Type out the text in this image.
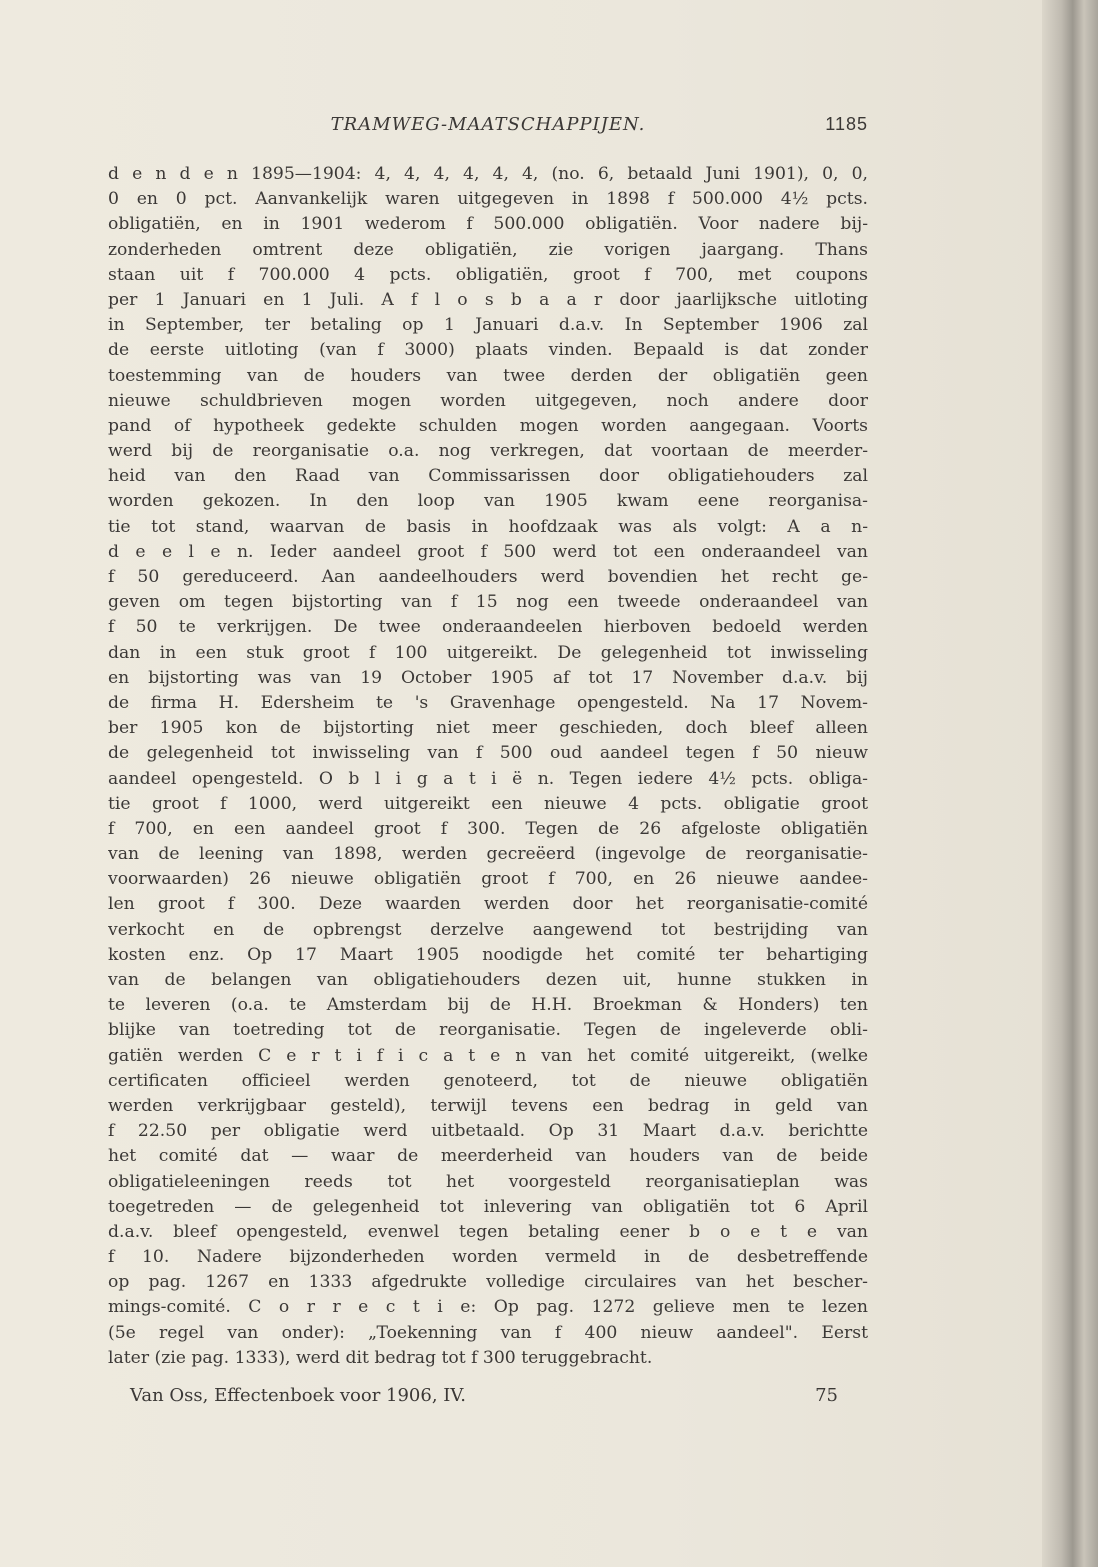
TRAMWEG-MAATSCHAPPIJEN.	1185
d e n d e n 1895—1904: 4, 4, 4, 4, 4, 4, (no. 6, betaald Juni 1901), 0, 0,
0 en 0 pct. Aanvankelijk waren uitgegeven in 1898 f 500.000 4½ pcts.
obligatiën, en in 1901 wederom f 500.000 obligatiën. Voor nadere bij-
zonderheden omtrent deze obligatiën, zie vorigen jaargang. Thans
staan uit f 700.000 4 pcts. obligatiën, groot f 700, met coupons
per 1 Januari en 1 Juli. A f l o s b a a r door jaarlijksche uitloting
in September, ter betaling op 1 Januari d.a.v. In September 1906 zal
de eerste uitloting (van f 3000) plaats vinden. Bepaald is dat zonder
toestemming van de houders van twee derden der obligatiën geen
nieuwe schuldbrieven mogen worden uitgegeven, noch andere door
pand of hypotheek gedekte schulden mogen worden aangegaan. Voorts
werd bij de reorganisatie o.a. nog verkregen, dat voortaan de meerder-
heid van den Raad van Commissarissen door obligatiehouders zal
worden gekozen. In den loop van 1905 kwam eene reorganisa-
tie tot stand, waarvan de basis in hoofdzaak was als volgt: A a n-
d e e l e n. Ieder aandeel groot f 500 werd tot een onderaandeel van
f 50 gereduceerd. Aan aandeelhouders werd bovendien het recht ge-
geven om tegen bijstorting van f 15 nog een tweede onderaandeel van
f 50 te verkrijgen. De twee onderaandeelen hierboven bedoeld werden
dan in een stuk groot f 100 uitgereikt. De gelegenheid tot inwisseling
en bijstorting was van 19 October 1905 af tot 17 November d.a.v. bij
de firma H. Edersheim te 's Gravenhage opengesteld. Na 17 Novem-
ber 1905 kon de bijstorting niet meer geschieden, doch bleef alleen
de gelegenheid tot inwisseling van f 500 oud aandeel tegen f 50 nieuw
aandeel opengesteld. O b l i g a t i ë n. Tegen iedere 4½ pcts. obliga-
tie groot f 1000, werd uitgereikt een nieuwe 4 pcts. obligatie groot
f 700, en een aandeel groot f 300. Tegen de 26 afgeloste obligatiën
van de leening van 1898, werden gecreëerd (ingevolge de reorganisatie-
voorwaarden) 26 nieuwe obligatiën groot f 700, en 26 nieuwe aandee-
len groot f 300. Deze waarden werden door het reorganisatie-comité
verkocht en de opbrengst derzelve aangewend tot bestrijding van
kosten enz. Op 17 Maart 1905 noodigde het comité ter behartiging
van de belangen van obligatiehouders dezen uit, hunne stukken in
te leveren (o.a. te Amsterdam bij de H.H. Broekman & Honders) ten
blijke van toetreding tot de reorganisatie. Tegen de ingeleverde obli-
gatiën werden C e r t i f i c a t e n van het comité uitgereikt, (welke
certificaten officieel werden genoteerd, tot de nieuwe obligatiën
werden verkrijgbaar gesteld), terwijl tevens een bedrag in geld van
f 22.50 per obligatie werd uitbetaald. Op 31 Maart d.a.v. berichtte
het comité dat — waar de meerderheid van houders van de beide
obligatieleeningen reeds tot het voorgesteld reorganisatieplan was
toegetreden — de gelegenheid tot inlevering van obligatiën tot 6 April
d.a.v. bleef opengesteld, evenwel tegen betaling eener b o e t e van
f 10. Nadere bijzonderheden worden vermeld in de desbetreffende
op pag. 1267 en 1333 afgedrukte volledige circulaires van het bescher-
mings-comité. C o r r e c t i e: Op pag. 1272 gelieve men te lezen
(5e regel van onder): „Toekenning van f 400 nieuw aandeel". Eerst
later (zie pag. 1333), werd dit bedrag tot f 300 teruggebracht.
Van Oss, Effectenboek voor 1906, IV.	75
